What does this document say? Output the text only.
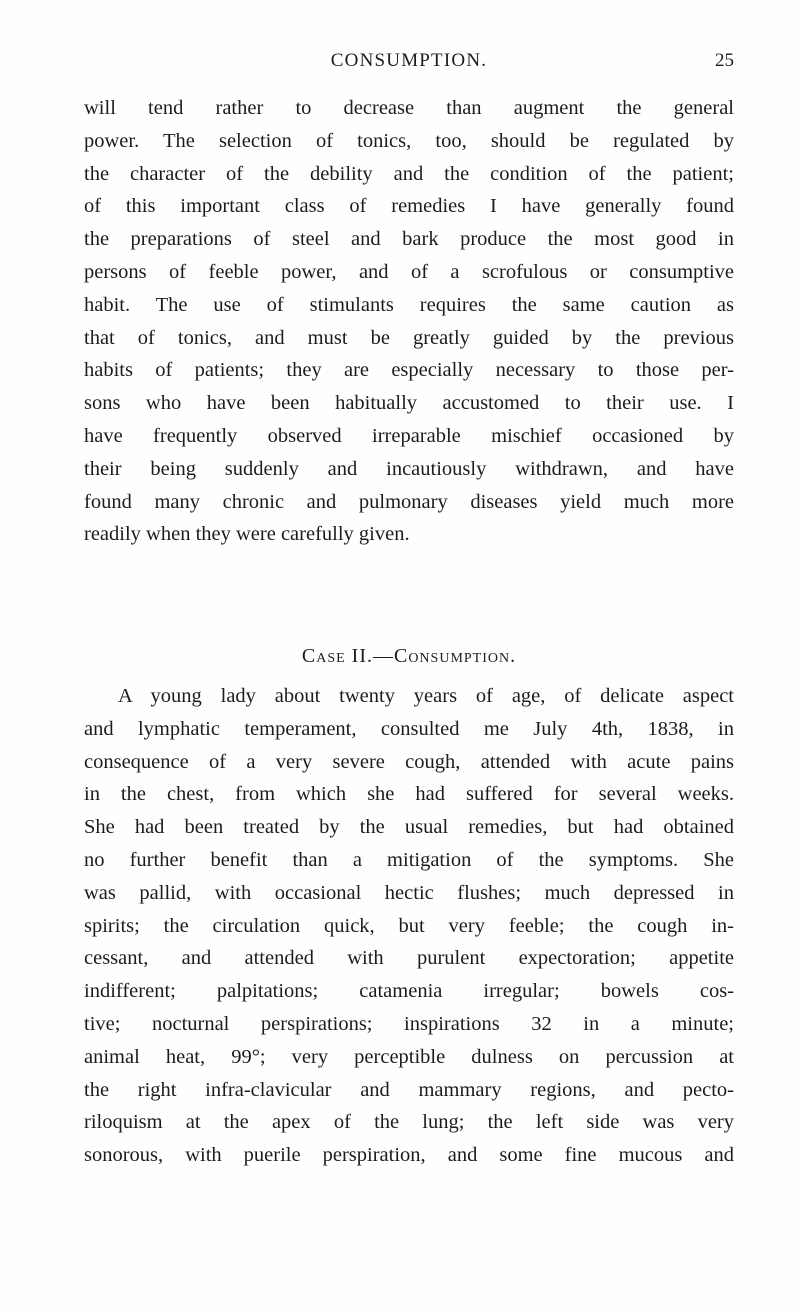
CONSUMPTION.	25
will tend rather to decrease than augment the general
power. The selection of tonics, too, should be regulated by
the character of the debility and the condition of the patient;
of this important class of remedies I have generally found
the preparations of steel and bark produce the most good in
persons of feeble power, and of a scrofulous or consumptive
habit. The use of stimulants requires the same caution as
that of tonics, and must be greatly guided by the previous
habits of patients; they are especially necessary to those per-
sons who have been habitually accustomed to their use. I
have frequently observed irreparable mischief occasioned by
their being suddenly and incautiously withdrawn, and have
found many chronic and pulmonary diseases yield much more
readily when they were carefully given.
Case II.—Consumption.
A young lady about twenty years of age, of delicate aspect
and lymphatic temperament, consulted me July 4th, 1838, in
consequence of a very severe cough, attended with acute pains
in the chest, from which she had suffered for several weeks.
She had been treated by the usual remedies, but had obtained
no further benefit than a mitigation of the symptoms. She
was pallid, with occasional hectic flushes; much depressed in
spirits; the circulation quick, but very feeble; the cough in-
cessant, and attended with purulent expectoration; appetite
indifferent; palpitations; catamenia irregular; bowels cos-
tive; nocturnal perspirations; inspirations 32 in a minute;
animal heat, 99°; very perceptible dulness on percussion at
the right infra-clavicular and mammary regions, and pecto-
riloquism at the apex of the lung; the left side was very
sonorous, with puerile perspiration, and some fine mucous and
